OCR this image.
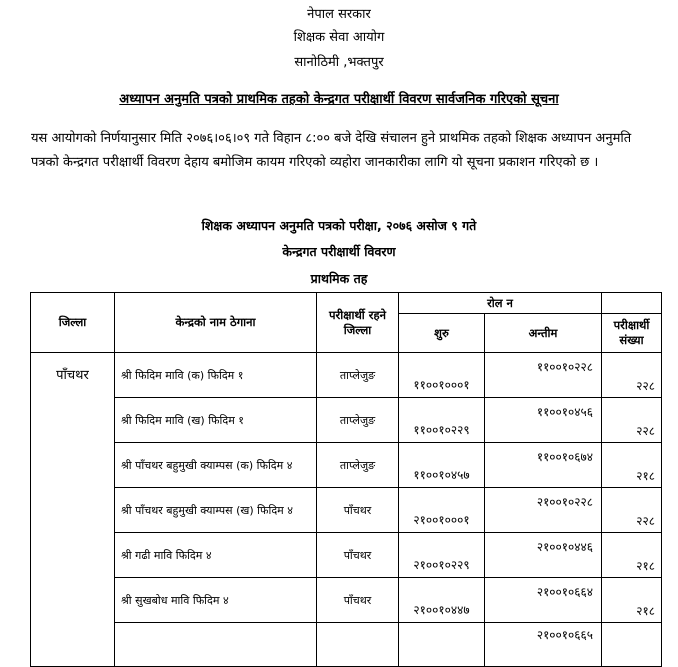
नेपाल सरकार
शिक्षक सेवा आयोग
सानोठिमी ,भक्तपुर
अध्यापन अनुमति पत्रको प्राथमिक तहको केन्द्रगत परीक्षार्थी विवरण सार्वजनिक गरिएको सूचना
यस आयोगको निर्णयानुसार मिति २०७६।०६।०९ गते विहान ८:०० बजे देखि संचालन हुने प्राथमिक तहको शिक्षक अध्यापन अनुमति पत्रको केन्द्रगत परीक्षार्थी विवरण देहाय बमोजिम कायम गरिएको व्यहोरा जानकारीका लागि यो सूचना प्रकाशन गरिएको छ ।
शिक्षक अध्यापन अनुमति पत्रको परीक्षा, २०७६ असोज ९ गते
केन्द्रगत परीक्षार्थी विवरण
प्राथमिक तह
जिल्ला	केन्द्रको नाम ठेगाना	परीक्षार्थी रहने जिल्ला	रोल न		
			शुरु	अन्तीम	परीक्षार्थी संख्या
पाँचथर	श्री फिदिम मावि (क) फिदिम १	ताप्लेजुङ	११००१०००१	११००१०२२८	२२८
	श्री फिदिम मावि (ख) फिदिम १	ताप्लेजुङ	११००१०२२९	११००१०४५६	२२८
	श्री पाँचथर बहुमुखी क्याम्पस (क) फिदिम ४	ताप्लेजुङ	११००१०४५७	११००१०६७४	२१८
	श्री पाँचथर बहुमुखी क्याम्पस (ख) फिदिम ४	पाँचथर	२१००१०००१	२१००१०२२८	२२८
	श्री गढी मावि फिदिम ४	पाँचथर	२१००१०२२९	२१००१०४४६	२१८
	श्री सुखबोध मावि फिदिम ४	पाँचथर	२१००१०४४७	२१००१०६६४	२१८
				२१००१०६६५	
